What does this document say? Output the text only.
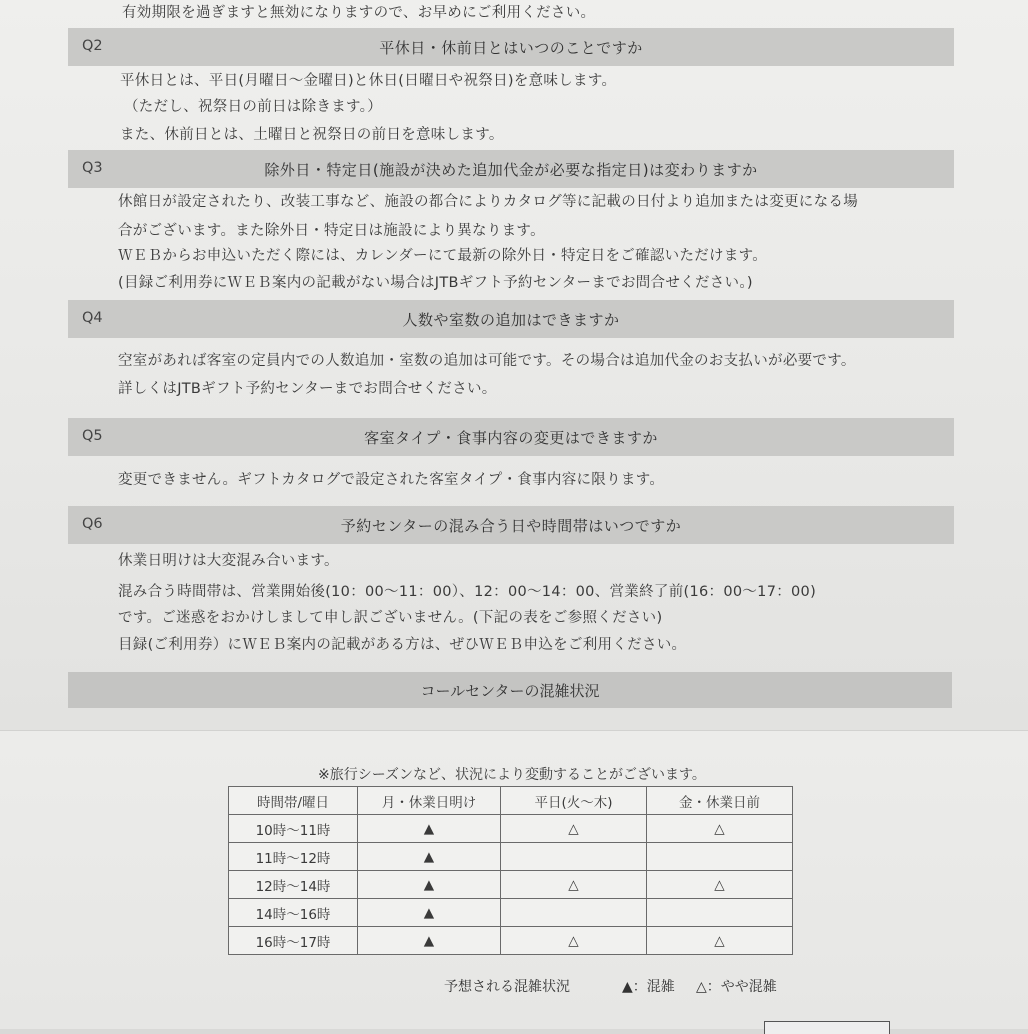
有効期限を過ぎますと無効になりますので、お早めにご利用ください。
Q2	平休日・休前日とはいつのことですか
平休日とは、平日(月曜日～金曜日)と休日(日曜日や祝祭日)を意味します。
（ただし、祝祭日の前日は除きます。）
また、休前日とは、土曜日と祝祭日の前日を意味します。
Q3	除外日・特定日(施設が決めた追加代金が必要な指定日)は変わりますか
休館日が設定されたり、改装工事など、施設の都合によりカタログ等に記載の日付より追加または変更になる場
合がございます。また除外日・特定日は施設により異なります。
ＷＥＢからお申込いただく際には、カレンダーにて最新の除外日・特定日をご確認いただけます。
(目録ご利用券にＷＥＢ案内の記載がない場合はJTBギフト予約センターまでお問合せください。)
Q4	人数や室数の追加はできますか
空室があれば客室の定員内での人数追加・室数の追加は可能です。その場合は追加代金のお支払いが必要です。
詳しくはJTBギフト予約センターまでお問合せください。
Q5	客室タイプ・食事内容の変更はできますか
変更できません。ギフトカタログで設定された客室タイプ・食事内容に限ります。
Q6	予約センターの混み合う日や時間帯はいつですか
休業日明けは大変混み合います。
混み合う時間帯は、営業開始後(10：00～11：00）、12：00～14：00、営業終了前(16：00～17：00)
です。ご迷惑をおかけしまして申し訳ございません。(下記の表をご参照ください)
目録(ご利用券）にＷＥＢ案内の記載がある方は、ぜひＷＥＢ申込をご利用ください。
コールセンターの混雑状況
※旅行シーズンなど、状況により変動することがございます。
時間帯/曜日	月・休業日明け	平日(火～木)	金・休業日前
10時～11時	▲	△	△
11時～12時	▲		
12時～14時	▲	△	△
14時～16時	▲		
16時～17時	▲	△	△
予想される混雑状況	▲：混雑 △：やや混雑
